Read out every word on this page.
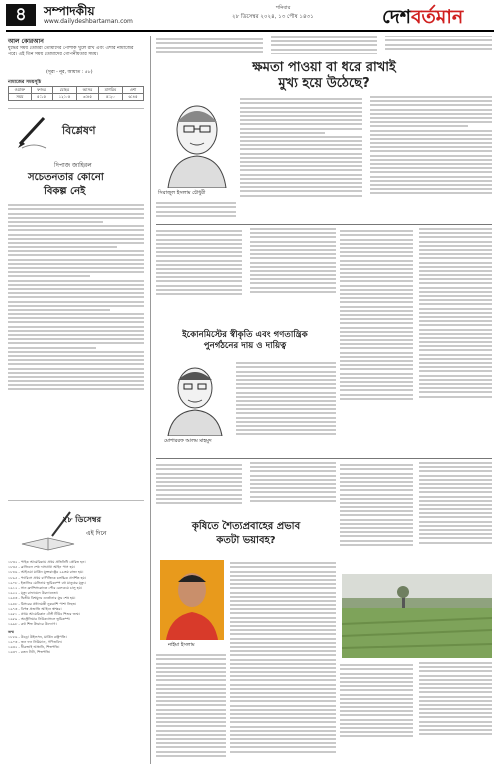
৪	সম্পাদকীয়
www.dailydeshbartaman.com
শনিবার
২৮ ডিসেম্বর ২০২৪, ১৩ পৌষ ১৪৩১	দেশবর্তমান
আল কোরআন
যুদ্ধের সময় তোমরা তোমাদের পোশাক খুলে রাখ এবং এশার নামাজের পরে। এই তিন সময় তোমাদের গোপনীয়তার সময়।
(সূরা - নূর, আয়াত : ৫৮)
নামাজের সময়সূচি
ওয়াক্ত	ফজর	যোহর	আসর	মাগরিব	এশা
সময়	৫:১৫	১২:০৫	৩:৪৫	৫:২০	৬:৪৫
বিশ্লেষণ
দিপাজ জাহিরল
সচেতনতার কোনো
বিকল্প নেই
২৮ ডিসেম্বর
এই দিনে
১৮৩২ - পাইক আমেরিকায় প্রথম প্রতিনিধি প্রেরিত হন।
১৮৩৫ - ব্রাজিলে শেষ দাসপ্রথা আইন পাস হয়।
১৮৪৬ - আইওয়া মার্কিন যুক্তরাষ্ট্রের ২৯তম রাজ্য হয়।
১৮৯৫ - প্যারিসে প্রথম বাণিজ্যিক চলচ্চিত্র প্রদর্শিত হয়।
১৯০৮ - ইতালির মেসিনায় ভূমিকম্পে বহু মানুষের মৃত্যু।
১৯১২ - সান ফ্রান্সিসকোতে পৌর রেলওয়ে চালু হয়।
১৯২২ - মৃত্যু রাফায়েল উরদানেতা।
১৯৪৩ - দ্বিতীয় বিশ্বযুদ্ধে ওর্তোনার যুদ্ধ শেষ হয়।
১৯৪৮ - মিসরের প্রধানমন্ত্রী নুকরাশি পাশা নিহত।
১৯৭৩ - বিপন্ন প্রজাতি আইনে স্বাক্ষর।
১৯৮১ - প্রথম আমেরিকান টেস্ট টিউব শিশুর জন্ম।
১৯৮৯ - অস্ট্রেলিয়ার নিউক্যাসলে ভূমিকম্প।
১৯৯৮ - রুগ্ন শিল্প উদ্ধারে উদ্যোগ।
জন্ম
১৮৫৬ - উড্রো উইলসন, মার্কিন রাষ্ট্রপতি।
১৯০৩ - জন ফন নিউম্যান, গণিতবিদ।
১৯৩২ - ধীরুভাই আম্বানি, শিল্পপতি।
১৯৩৭ - রতন টাটা, শিল্পপতি।
ক্ষমতা পাওয়া বা ধরে রাখাই
মুখ্য হয়ে উঠেছে?
সিরাজুল ইসলাম চৌধুরী
ইকোনমিস্টের স্বীকৃতি এবং গণতান্ত্রিক
পুনর্গঠনের দায় ও দায়িত্ব
মোশাররফ আলম মাহমুদ
কৃষিতে শৈত্যপ্রবাহের প্রভাব
কতটা ভয়াবহ?
নাইমা ইসলাম
